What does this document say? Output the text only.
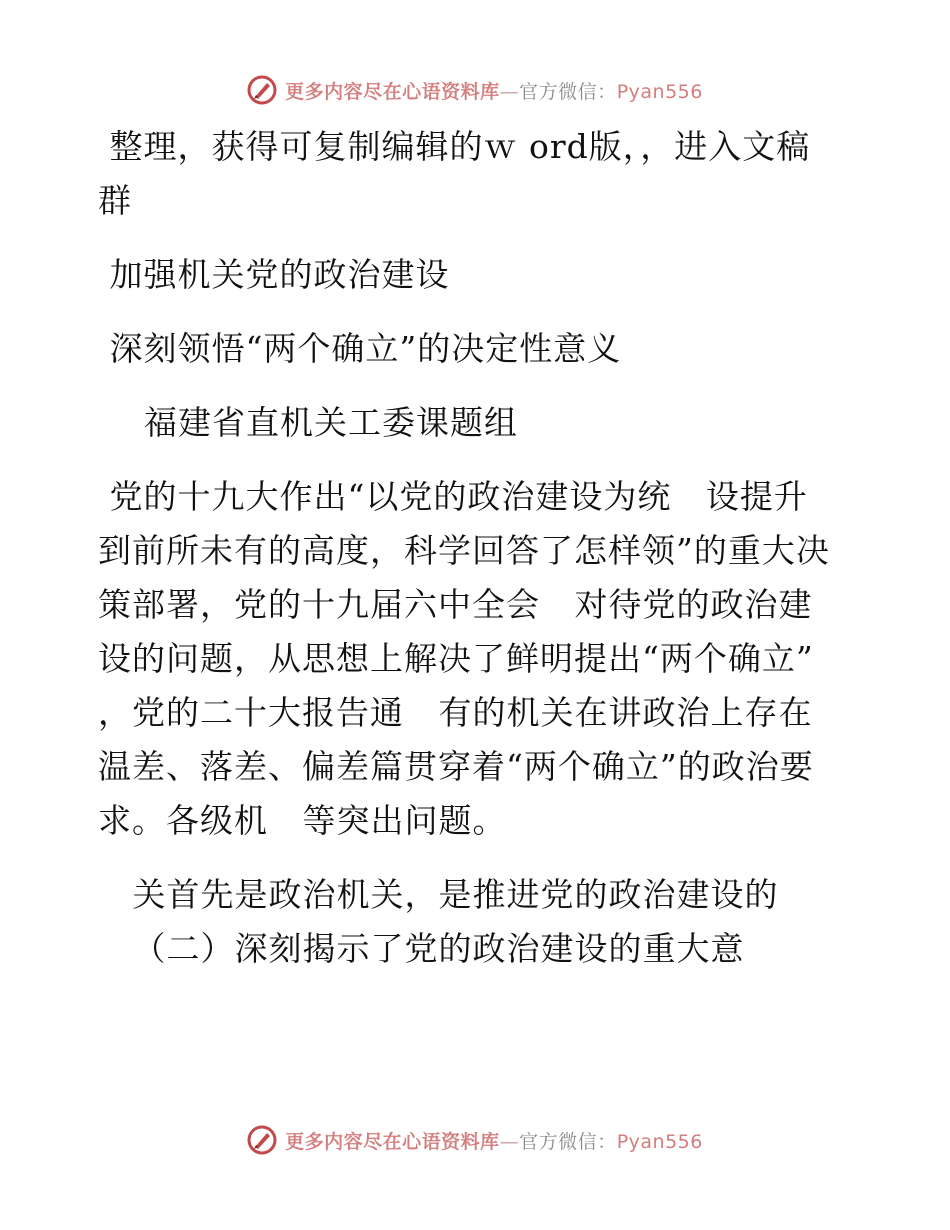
更多内容尽在心语资料库—官方微信：Pyan556
整理，获得可复制编辑的ｗ ord版，，进入文稿
群
加强机关党的政治建设
深刻领悟“两个确立”的决定性意义
福建省直机关工委课题组
党的十九大作出“以党的政治建设为统   设提升
到前所未有的高度，科学回答了怎样领”的重大决
策部署，党的十九届六中全会   对待党的政治建
设的问题，从思想上解决了鲜明提出“两个确立”
，党的二十大报告通   有的机关在讲政治上存在
温差、落差、偏差篇贯穿着“两个确立”的政治要
求。各级机   等突出问题。
关首先是政治机关，是推进党的政治建设的
（二）深刻揭示了党的政治建设的重大意
更多内容尽在心语资料库—官方微信：Pyan556
